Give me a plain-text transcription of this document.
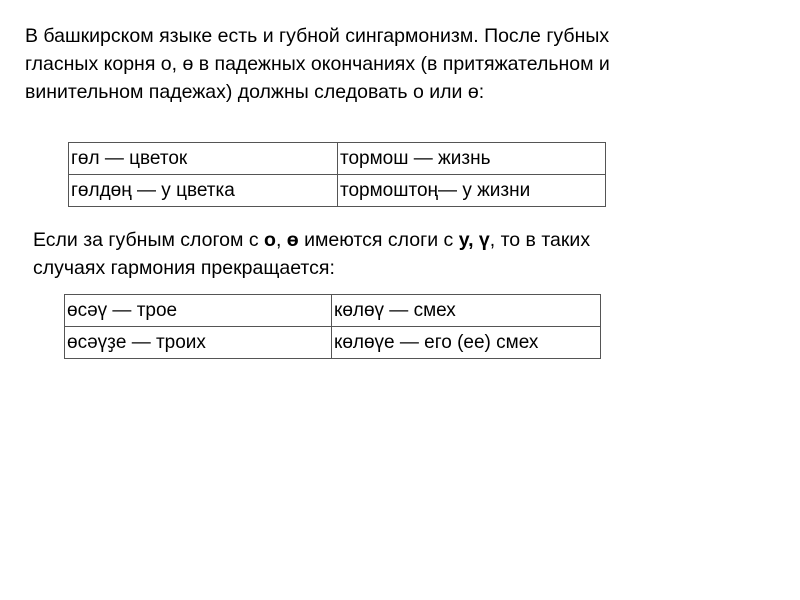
В башкирском языке есть и губной сингармонизм. После губных
гласных корня о, ө в падежных окончаниях (в притяжательном и
винительном падежах) должны следовать о или ө:

гөл — цветок	тормош — жизнь
гөлдөң — у цветка	тормоштоң— у жизни

Если за губным слогом с о, ө имеются слоги с у, ү, то в таких
случаях гармония прекращается:

өсәү — трое	көлөү — смех
өсәүҙе — троих	көлөүе — его (ее) смех
